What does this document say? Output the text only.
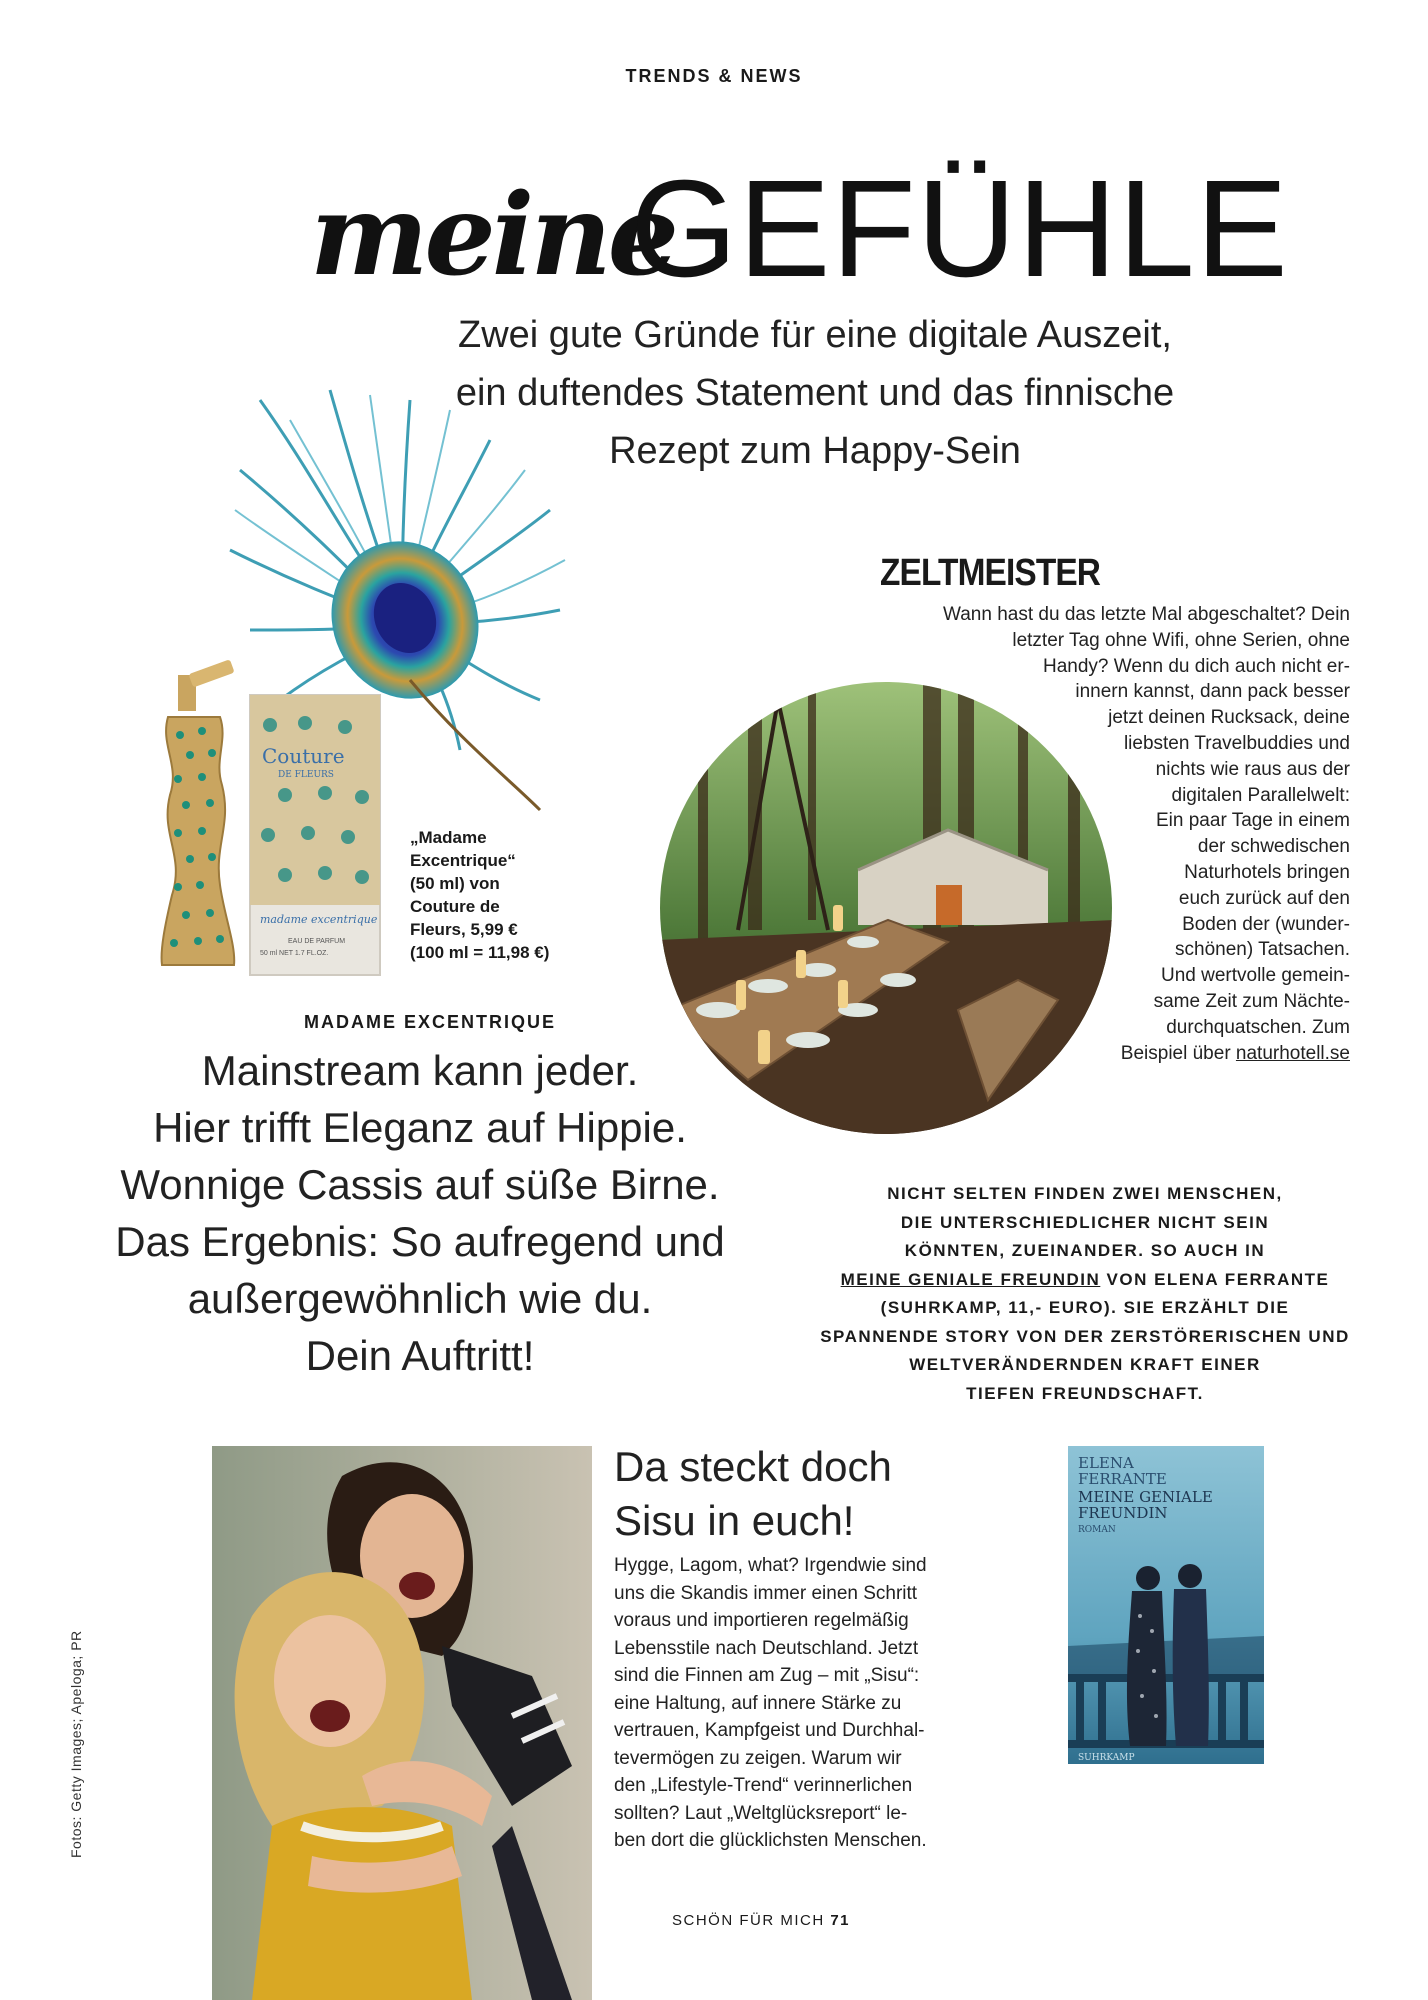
TRENDS & NEWS
meine
GEFÜHLE
Zwei gute Gründe für eine digitale Auszeit,
ein duftendes Statement und das finnische
Rezept zum Happy-Sein
Couture
DE FLEURS
madame excentrique
EAU DE PARFUM
50 ml NET 1.7 FL.OZ.
„Madame
Excentrique“
(50 ml) von
Couture de
Fleurs, 5,99 €
(100 ml = 11,98 €)
MADAME EXCENTRIQUE
Mainstream kann jeder.
Hier trifft Eleganz auf Hippie.
Wonnige Cassis auf süße Birne.
Das Ergebnis: So aufregend und
außergewöhnlich wie du.
Dein Auftritt!
ZELTMEISTER
Wann hast du das letzte Mal abgeschaltet? Dein
letzter Tag ohne Wifi, ohne Serien, ohne
Handy? Wenn du dich auch nicht er-
innern kannst, dann pack besser
jetzt deinen Rucksack, deine
liebsten Travelbuddies und
nichts wie raus aus der
digitalen Parallelwelt:
Ein paar Tage in einem
der schwedischen
Naturhotels bringen
euch zurück auf den
Boden der (wunder-
schönen) Tatsachen.
Und wertvolle gemein-
same Zeit zum Nächte-
durchquatschen. Zum
Beispiel über naturhotell.se
NICHT SELTEN FINDEN ZWEI MENSCHEN,
DIE UNTERSCHIEDLICHER NICHT SEIN
KÖNNTEN, ZUEINANDER. SO AUCH IN
MEINE GENIALE FREUNDIN VON ELENA FERRANTE
(SUHRKAMP, 11,- EURO). SIE ERZÄHLT DIE
SPANNENDE STORY VON DER ZERSTÖRERISCHEN UND
WELTVERÄNDERNDEN KRAFT EINER
TIEFEN FREUNDSCHAFT.
Fotos: Getty Images; Apeloga; PR
Da steckt doch
Sisu in euch!
Hygge, Lagom, what? Irgendwie sind
uns die Skandis immer einen Schritt
voraus und importieren regelmäßig
Lebensstile nach Deutschland. Jetzt
sind die Finnen am Zug – mit „Sisu“:
eine Haltung, auf innere Stärke zu
vertrauen, Kampfgeist und Durchhal-
tevermögen zu zeigen. Warum wir
den „Lifestyle-Trend“ verinnerlichen
sollten? Laut „Weltglücksreport“ le-
ben dort die glücklichsten Menschen.
ELENA
FERRANTE
MEINE GENIALE
FREUNDIN
ROMAN
SUHRKAMP
SCHÖN FÜR MICH 71
